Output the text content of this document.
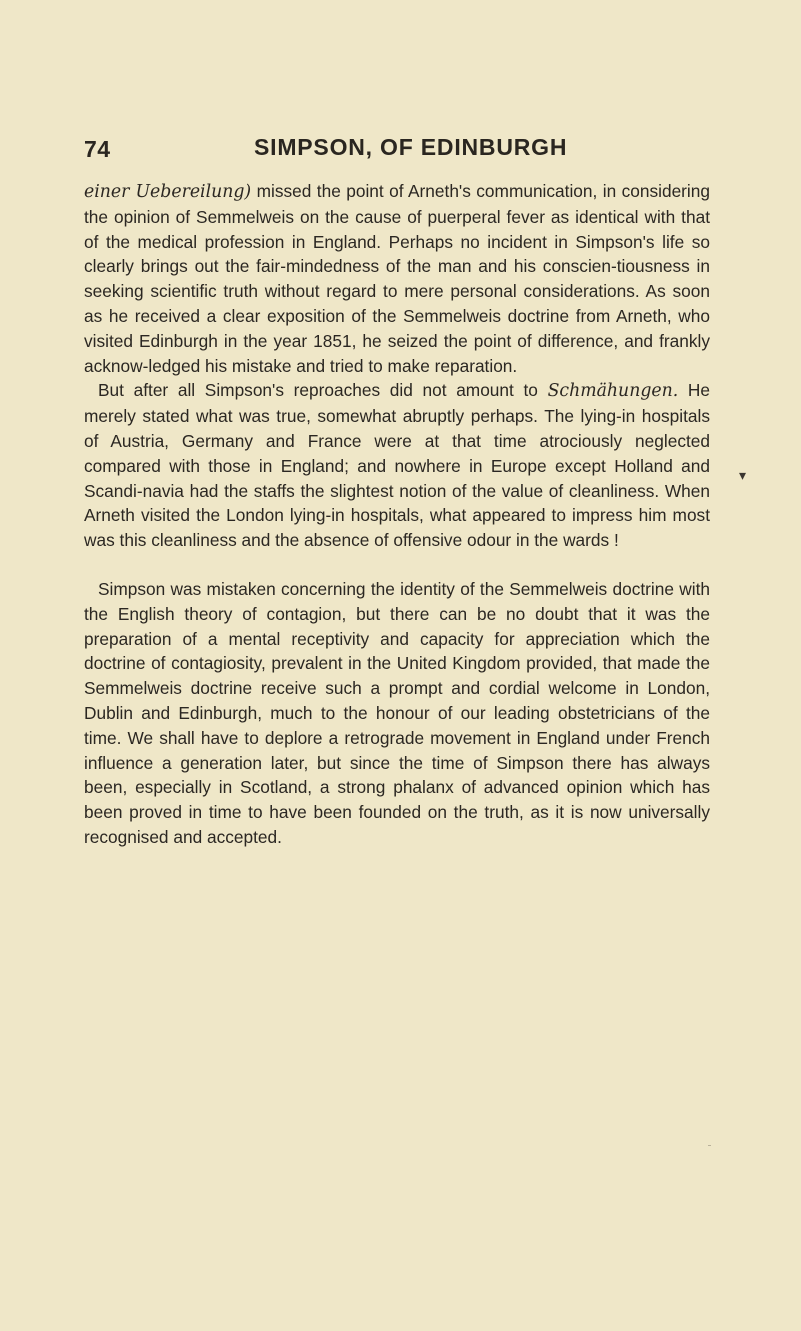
74	SIMPSON, OF EDINBURGH

einer Uebereilung) missed the point of Arneth's communication, in considering the opinion of Semmelweis on the cause of puerperal fever as identical with that of the medical profession in England. Perhaps no incident in Simpson's life so clearly brings out the fair-mindedness of the man and his conscien-tiousness in seeking scientific truth without regard to mere personal considerations. As soon as he received a clear exposition of the Semmelweis doctrine from Arneth, who visited Edinburgh in the year 1851, he seized the point of difference, and frankly acknow-ledged his mistake and tried to make reparation.

But after all Simpson's reproaches did not amount to Schmähungen. He merely stated what was true, somewhat abruptly perhaps. The lying-in hospitals of Austria, Germany and France were at that time atrociously neglected compared with those in England; and nowhere in Europe except Holland and Scandi-navia had the staffs the slightest notion of the value of cleanliness. When Arneth visited the London lying-in hospitals, what appeared to impress him most was this cleanliness and the absence of offensive odour in the wards !

Simpson was mistaken concerning the identity of the Semmelweis doctrine with the English theory of contagion, but there can be no doubt that it was the preparation of a mental receptivity and capacity for appreciation which the doctrine of contagiosity, prevalent in the United Kingdom provided, that made the Semmelweis doctrine receive such a prompt and cordial welcome in London, Dublin and Edinburgh, much to the honour of our leading obstetricians of the time. We shall have to deplore a retrograde movement in England under French influence a generation later, but since the time of Simpson there has always been, especially in Scotland, a strong phalanx of advanced opinion which has been proved in time to have been founded on the truth, as it is now universally recognised and accepted.

▾
